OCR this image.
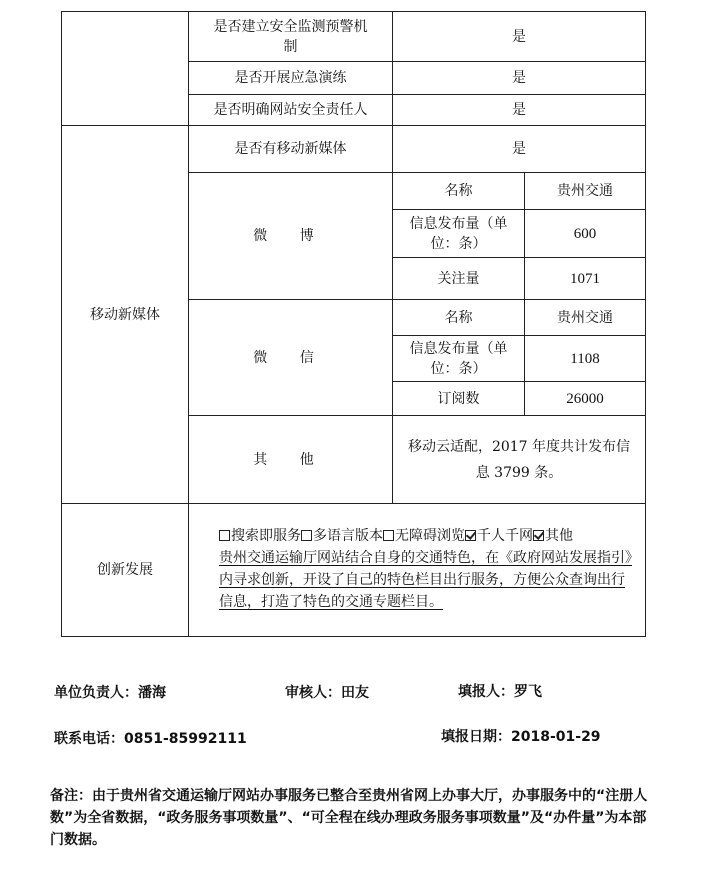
	是否建立安全监测预警机制	是	
	是否开展应急演练	是	
	是否明确网站安全责任人	是	
移动新媒体	是否有移动新媒体	是	
	微 博	名称	贵州交通
		信息发布量（单位：条）	600
		关注量	1071
	微 信	名称	贵州交通
		信息发布量（单位：条）	1108
		订阅数	26000
	其 他	移动云适配，2017 年度共计发布信息 3799 条。	
创新发展	搜索即服务 多语言版本 无障碍浏览 千人千网 其他
贵州交通运输厅网站结合自身的交通特色，在《政府网站发展指引》内寻求创新，开设了自己的特色栏目出行服务，方便公众查询出行信息，打造了特色的交通专题栏目。		
单位负责人：潘海	审核人：田友	填报人：罗飞
联系电话：0851-85992111	填报日期：2018-01-29
备注：由于贵州省交通运输厅网站办事服务已整合至贵州省网上办事大厅，办事服务中的“注册人数”为全省数据，“政务服务事项数量”、“可全程在线办理政务服务事项数量”及“办件量”为本部门数据。
